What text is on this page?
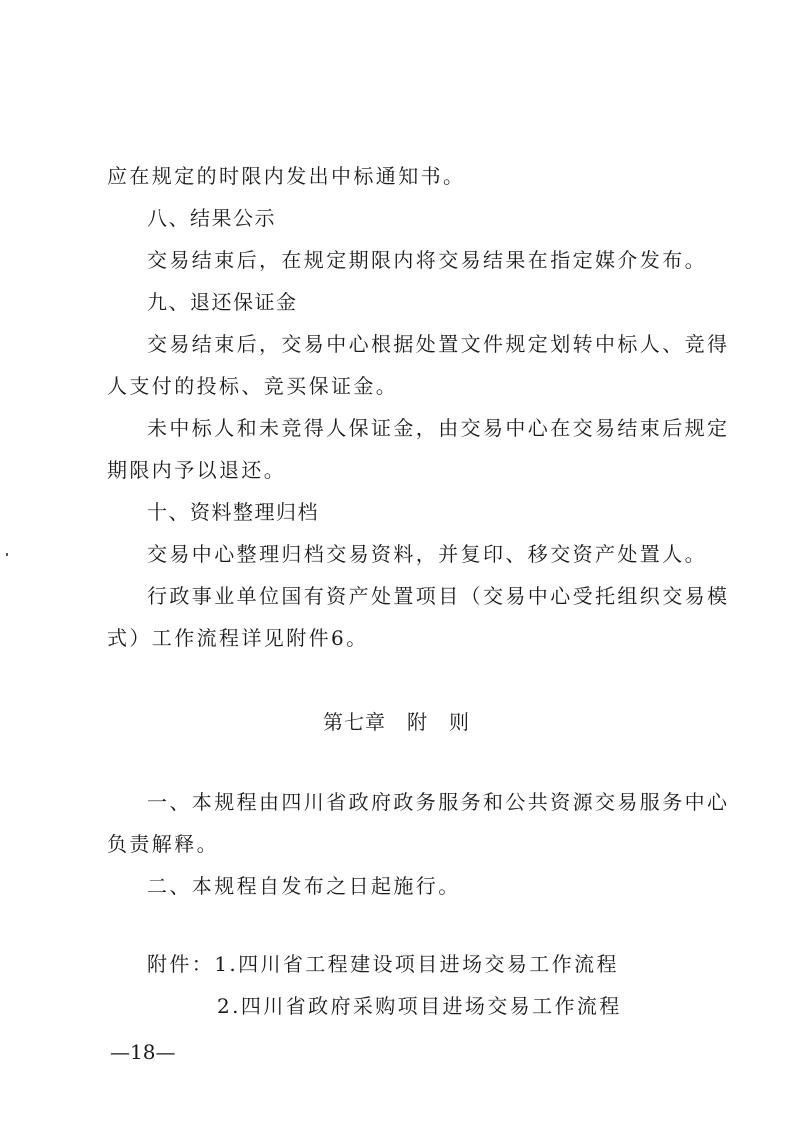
应在规定的时限内发出中标通知书。
八、结果公示
交易结束后，在规定期限内将交易结果在指定媒介发布。
九、退还保证金
交易结束后，交易中心根据处置文件规定划转中标人、竞得
人支付的投标、竞买保证金。
未中标人和未竞得人保证金，由交易中心在交易结束后规定
期限内予以退还。
十、资料整理归档
交易中心整理归档交易资料，并复印、移交资产处置人。
行政事业单位国有资产处置项目（交易中心受托组织交易模
式）工作流程详见附件6。
第七章　附　则
一、本规程由四川省政府政务服务和公共资源交易服务中心
负责解释。
二、本规程自发布之日起施行。
附件：1.四川省工程建设项目进场交易工作流程
2.四川省政府采购项目进场交易工作流程
—18—
